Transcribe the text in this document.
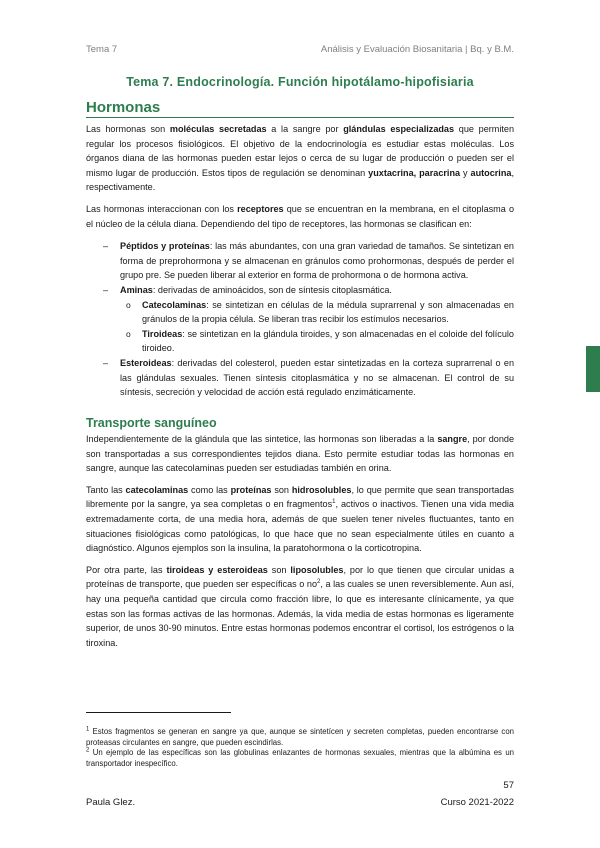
Tema 7	Análisis y Evaluación Biosanitaria | Bq. y B.M.
Tema 7. Endocrinología. Función hipotálamo-hipofisiaria
Hormonas

Las hormonas son moléculas secretadas a la sangre por glándulas especializadas que permiten regular los procesos fisiológicos. El objetivo de la endocrinología es estudiar estas moléculas. Los órganos diana de las hormonas pueden estar lejos o cerca de su lugar de producción o pueden ser el mismo lugar de producción. Estos tipos de regulación se denominan yuxtacrina, paracrina y autocrina, respectivamente.

Las hormonas interaccionan con los receptores que se encuentran en la membrana, en el citoplasma o el núcleo de la célula diana. Dependiendo del tipo de receptores, las hormonas se clasifican en:

– Péptidos y proteínas: las más abundantes, con una gran variedad de tamaños. Se sintetizan en forma de preprohormona y se almacenan en gránulos como prohormonas, después de perder el grupo pre. Se pueden liberar al exterior en forma de prohormona o de hormona activa.
– Aminas: derivadas de aminoácidos, son de síntesis citoplasmática.
o Catecolaminas: se sintetizan en células de la médula suprarrenal y son almacenadas en gránulos de la propia célula. Se liberan tras recibir los estímulos necesarios.
o Tiroideas: se sintetizan en la glándula tiroides, y son almacenadas en el coloide del folículo tiroideo.
– Esteroideas: derivadas del colesterol, pueden estar sintetizadas en la corteza suprarrenal o en las glándulas sexuales. Tienen síntesis citoplasmática y no se almacenan. El control de su síntesis, secreción y velocidad de acción está regulado enzimáticamente.
Transporte sanguíneo

Independientemente de la glándula que las sintetice, las hormonas son liberadas a la sangre, por donde son transportadas a sus correspondientes tejidos diana. Esto permite estudiar todas las hormonas en sangre, aunque las catecolaminas pueden ser estudiadas también en orina.

Tanto las catecolaminas como las proteínas son hidrosolubles, lo que permite que sean transportadas libremente por la sangre, ya sea completas o en fragmentos$^1$, activos o inactivos. Tienen una vida media extremadamente corta, de una media hora, además de que suelen tener niveles fluctuantes, tanto en situaciones fisiológicas como patológicas, lo que hace que no sean especialmente útiles en cuanto a diagnóstico. Algunos ejemplos son la insulina, la paratohormona o la corticotropina.

Por otra parte, las tiroideas y esteroideas son liposolubles, por lo que tienen que circular unidas a proteínas de transporte, que pueden ser específicas o $no^2$, a las cuales se unen reversiblemente. Aun así, hay una pequeña cantidad que circula como fracción libre, lo que es interesante clínicamente, ya que estas son las formas activas de las hormonas. Además, la vida media de estas hormonas es ligeramente superior, de unos 30-90 minutos. Entre estas hormonas podemos encontrar el cortisol, los estrógenos o la tiroxina.

$^1$ Estos fragmentos se generan en sangre ya que, aunque se sintetícen y secreten completas, pueden encontrarse con proteasas circulantes en sangre, que pueden escindirlas.
$^2$ Un ejemplo de las específicas son las globulinas enlazantes de hormonas sexuales, mientras que la albúmina es un transportador inespecífico.
57
Paula Glez.	Curso 2021-2022
